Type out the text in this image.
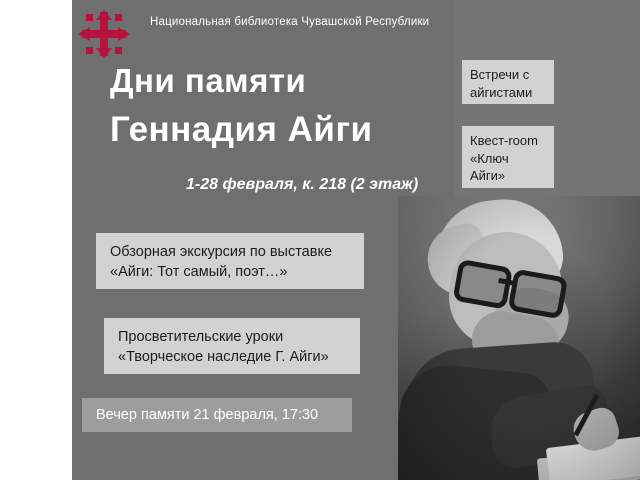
Национальная библиотека Чувашской Республики
Дни памяти
Геннадия Айги
1-28 февраля, к. 218 (2 этаж)
Обзорная экскурсия по выставке
«Айги: Тот самый, поэт…»
Просветительские уроки
«Творческое наследие Г. Айги»
Вечер памяти 21 февраля, 17:30
Встречи с
айгистами
Квест-room
«Ключ
Айги»
